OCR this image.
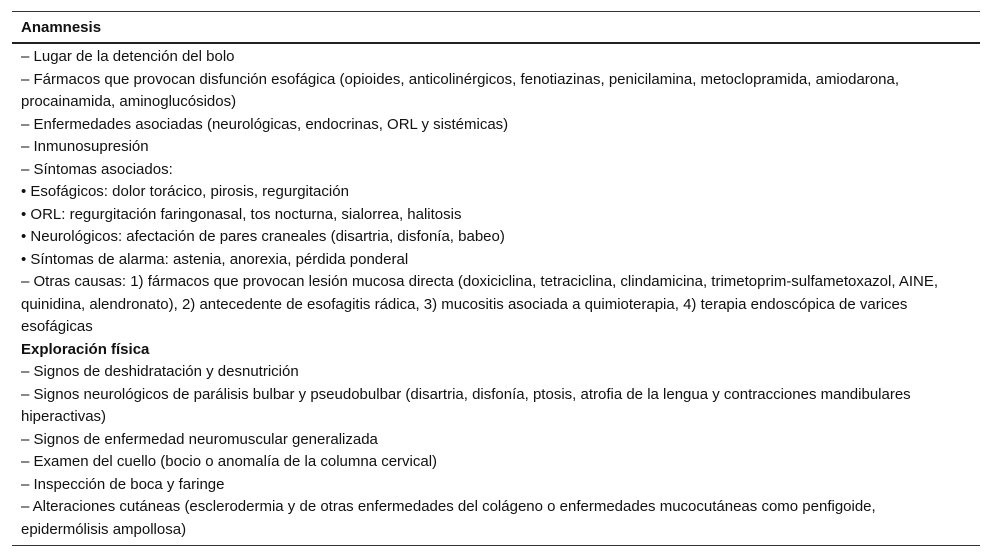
Anamnesis
– Lugar de la detención del bolo
– Fármacos que provocan disfunción esofágica (opioides, anticolinérgicos, fenotiazinas, penicilamina, metoclopramida, amiodarona, procainamida, aminoglucósidos)
– Enfermedades asociadas (neurológicas, endocrinas, ORL y sistémicas)
– Inmunosupresión
– Síntomas asociados:
• Esofágicos: dolor torácico, pirosis, regurgitación
• ORL: regurgitación faringonasal, tos nocturna, sialorrea, halitosis
• Neurológicos: afectación de pares craneales (disartria, disfonía, babeo)
• Síntomas de alarma: astenia, anorexia, pérdida ponderal
– Otras causas: 1) fármacos que provocan lesión mucosa directa (doxiciclina, tetraciclina, clindamicina, trimetoprim-sulfametoxazol, AINE, quinidina, alendronato), 2) antecedente de esofagitis rádica, 3) mucositis asociada a quimioterapia, 4) terapia endoscópica de varices esofágicas
Exploración física
– Signos de deshidratación y desnutrición
– Signos neurológicos de parálisis bulbar y pseudobulbar (disartria, disfonía, ptosis, atrofia de la lengua y contracciones mandibulares hiperactivas)
– Signos de enfermedad neuromuscular generalizada
– Examen del cuello (bocio o anomalía de la columna cervical)
– Inspección de boca y faringe
– Alteraciones cutáneas (esclerodermia y de otras enfermedades del colágeno o enfermedades mucocutáneas como penfigoide, epidermólisis ampollosa)
